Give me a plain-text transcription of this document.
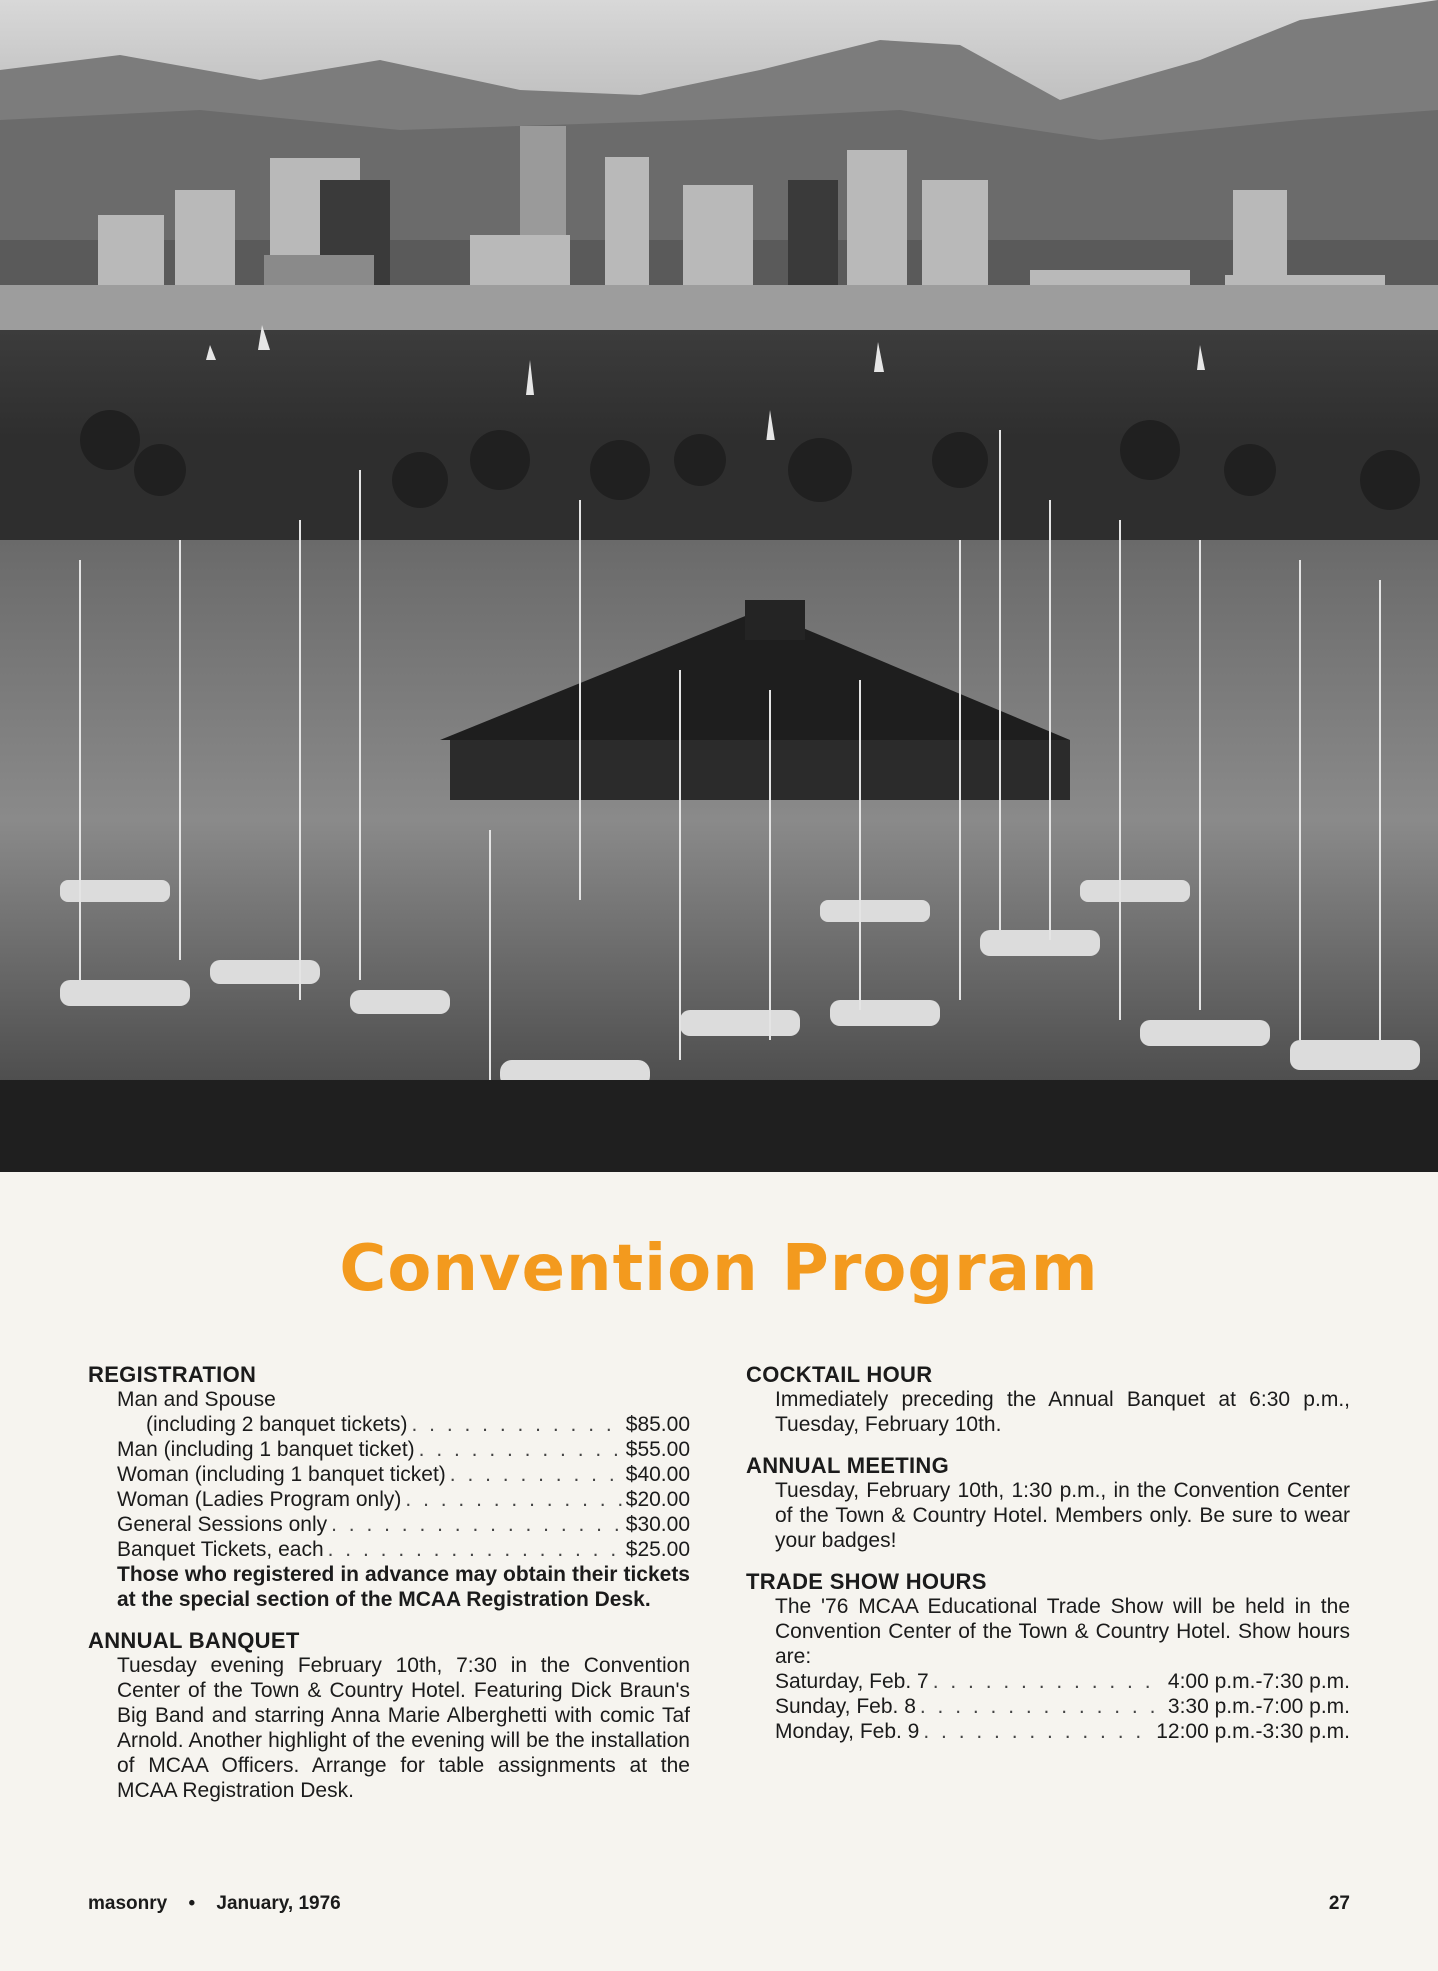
Convention Program
REGISTRATION
Man and Spouse
(including 2 banquet tickets) . . .	$85.00
Man (including 1 banquet ticket) . . .	$55.00
Woman (including 1 banquet ticket) . . .	$40.00
Woman (Ladies Program only) . . .	$20.00
General Sessions only . . .	$30.00
Banquet Tickets, each . . .	$25.00
Those who registered in advance may obtain their tickets at the special section of the MCAA Registration Desk.
ANNUAL BANQUET
Tuesday evening February 10th, 7:30 in the Convention Center of the Town & Country Hotel. Featuring Dick Braun's Big Band and starring Anna Marie Alberghetti with comic Taf Arnold. Another highlight of the evening will be the installation of MCAA Officers. Arrange for table assignments at the MCAA Registration Desk.
COCKTAIL HOUR
Immediately preceding the Annual Banquet at 6:30 p.m., Tuesday, February 10th.
ANNUAL MEETING
Tuesday, February 10th, 1:30 p.m., in the Convention Center of the Town & Country Hotel. Members only. Be sure to wear your badges!
TRADE SHOW HOURS
The '76 MCAA Educational Trade Show will be held in the Convention Center of the Town & Country Hotel. Show hours are:
Saturday, Feb. 7 . . .	4:00 p.m.-7:30 p.m.
Sunday, Feb. 8 . . .	3:30 p.m.-7:00 p.m.
Monday, Feb. 9 . . .	12:00 p.m.-3:30 p.m.
masonry • January, 1976	27
